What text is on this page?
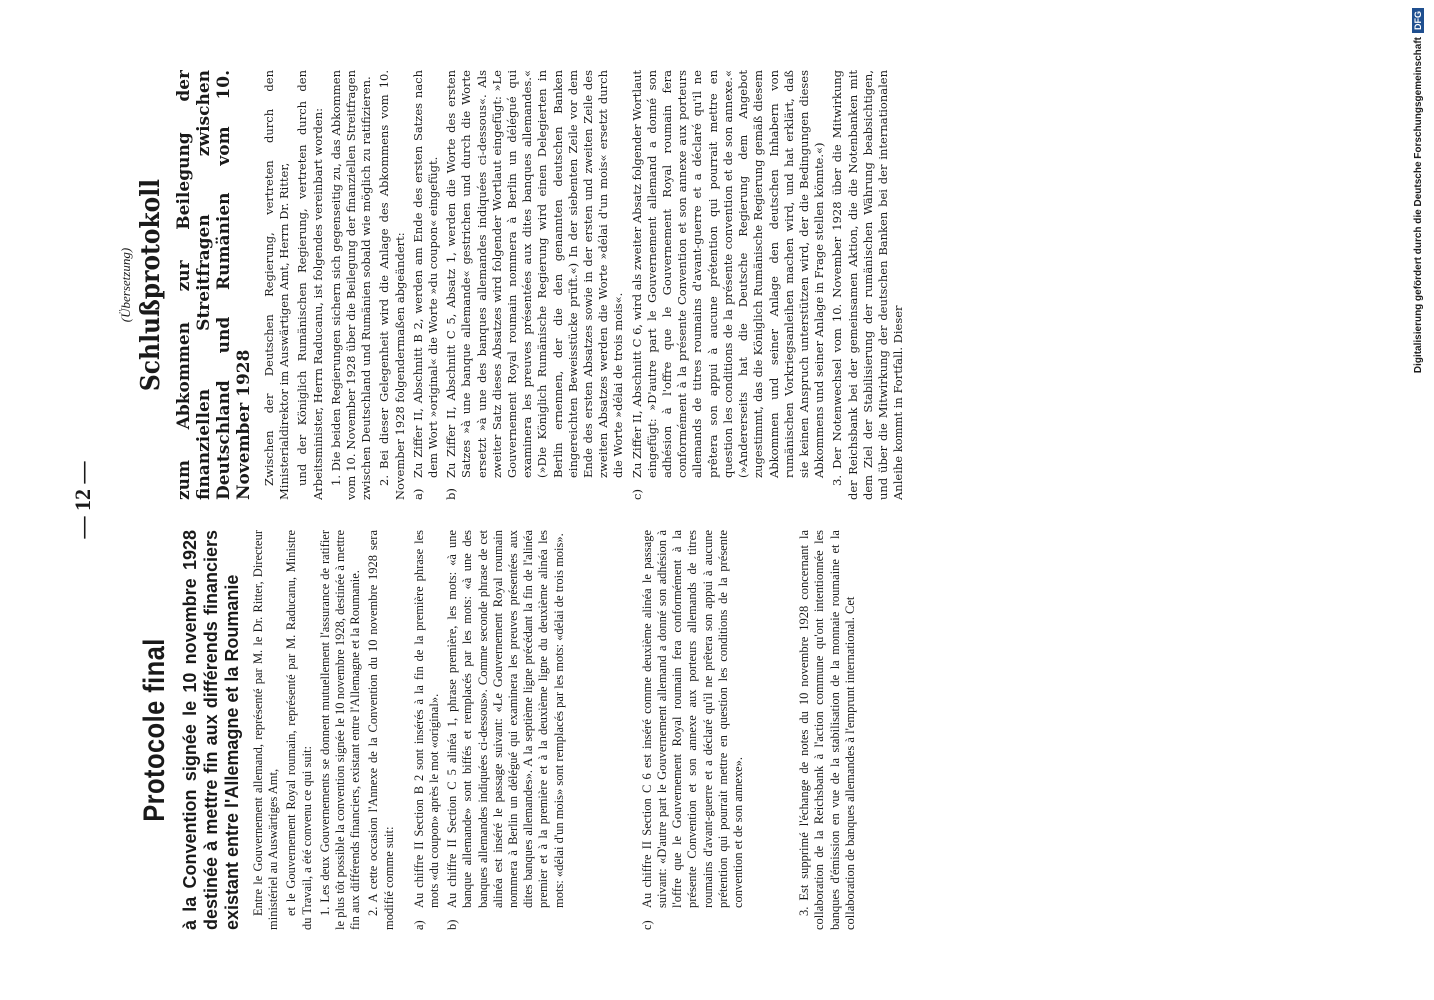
— 12 —
Protocole final à la Convention signée le 10 novembre 1928 destinée à mettre fin aux différends financiers existant entre l'Allemagne et la Roumanie Entre le Gouvernement allemand, représenté par M. le Dr. Ritter, Directeur ministériel au Auswärtiges Amt, et le Gouvernement Royal roumain, représenté par M. Raducanu, Ministre du Travail, a été convenu ce qui suit: 1. Les deux Gouvernements se donnent mutuellement l'assurance de ratifier le plus tôt possible la convention signée le 10 novembre 1928, destinée à mettre fin aux différends financiers, existant entre l'Allemagne et la Roumanie. 2. A cette occasion l'Annexe de la Convention du 10 novembre 1928 sera modifié comme suit: a)
Au chiffre II Section B 2 sont insérés à la fin de la première phrase les mots «du coupon» après le mot «original».
b)
Au chiffre II Section C 5 alinéa 1, phrase première, les mots: «à une banque allemande» sont biffés et remplacés par les mots: «à une des banques allemandes indiquées ci-dessous». Comme seconde phrase de cet alinéa est inséré le passage suivant: «Le Gouvernement Royal roumain nommera à Berlin un délégué qui examinera les preuves présentées aux dites banques allemandes». A la septième ligne précédant la fin de l'alinéa premier et à la première et à la deuxième ligne du deuxième alinéa les mots: «délai d'un mois» sont remplacés par les mots: «délai de trois mois».
c)
Au chiffre II Section C 6 est inséré comme deuxième alinéa le passage suivant: «D'autre part le Gouvernement allemand a donné son adhésion à l'offre que le Gouvernement Royal roumain fera conformément à la présente Convention et son annexe aux porteurs allemands de titres roumains d'avant-guerre et a déclaré qu'il ne prêtera son appui à aucune prétention qui pourrait mettre en question les conditions de la présente convention et de son annexe».	3. Est supprimé l'échange de notes du 10 novembre 1928 concernant la collaboration de la Reichsbank à l'action commune qu'ont intentionnée les banques d'émission en vue de la stabilisation de la monnaie roumaine et la collaboration de banques allemandes à l'emprunt international. Cet

(Übersetzung) Schlußprotokoll zum Abkommen zur Beilegung der finanziellen Streitfragen zwischen Deutschland und Rumänien vom 10. November 1928 Zwischen der Deutschen Regierung, vertreten durch den Ministerialdirektor im Auswärtigen Amt, Herrn Dr. Ritter, und der Königlich Rumänischen Regierung, vertreten durch den Arbeitsminister, Herrn Raducanu, ist folgendes vereinbart worden: 1. Die beiden Regierungen sichern sich gegenseitig zu, das Abkommen vom 10. November 1928 über die Beilegung der finanziellen Streitfragen zwischen Deutschland und Rumänien sobald wie möglich zu ratifizieren. 2. Bei dieser Gelegenheit wird die Anlage des Abkommens vom 10. November 1928 folgendermaßen abgeändert: a)
Zu Ziffer II, Abschnitt B 2, werden am Ende des ersten Satzes nach dem Wort »original« die Worte »du coupon« eingefügt.
b)
Zu Ziffer II, Abschnitt C 5, Absatz 1, werden die Worte des ersten Satzes »à une banque allemande« gestrichen und durch die Worte ersetzt »à une des banques allemandes indiquées ci-dessous«. Als zweiter Satz dieses Absatzes wird folgender Wortlaut eingefügt: »Le Gouvernement Royal roumain nommera à Berlin un délégué qui examinera les preuves présentées aux dites banques allemandes.« (»Die Königlich Rumänische Regierung wird einen Delegierten in Berlin ernennen, der die den genannten deutschen Banken eingereichten Beweisstücke prüft.«) In der siebenten Zeile vor dem Ende des ersten Absatzes sowie in der ersten und zweiten Zeile des zweiten Absatzes werden die Worte »délai d'un mois« ersetzt durch die Worte »délai de trois mois«.
c)
Zu Ziffer II, Abschnitt C 6, wird als zweiter Absatz folgender Wortlaut eingefügt: »D'autre part le Gouvernement allemand a donné son adhésion à l'offre que le Gouvernement Royal roumain fera conformément à la présente Convention et son annexe aux porteurs allemands de titres roumains d'avant-guerre et a déclaré qu'il ne prêtera son appui à aucune prétention qui pourrait mettre en question les conditions de la présente convention et de son annexe.« (»Andererseits hat die Deutsche Regierung dem Angebot zugestimmt, das die Königlich Rumänische Regierung gemäß diesem Abkommen und seiner Anlage den deutschen Inhabern von rumänischen Vorkriegsanleihen machen wird, und hat erklärt, daß sie keinen Anspruch unterstützen wird, der die Bedingungen dieses Abkommens und seiner Anlage in Frage stellen könnte.«) 3. Der Notenwechsel vom 10. November 1928 über die Mitwirkung der Reichsbank bei der gemeinsamen Aktion, die die Notenbanken mit dem Ziel der Stabilisierung der rumänischen Währung beabsichtigen, und über die Mitwirkung der deutschen Banken bei der internationalen Anleihe kommt in Fortfall. Dieser

Digitalisierung gefördert durch die Deutsche Forschungsgemeinschaft
DFG
